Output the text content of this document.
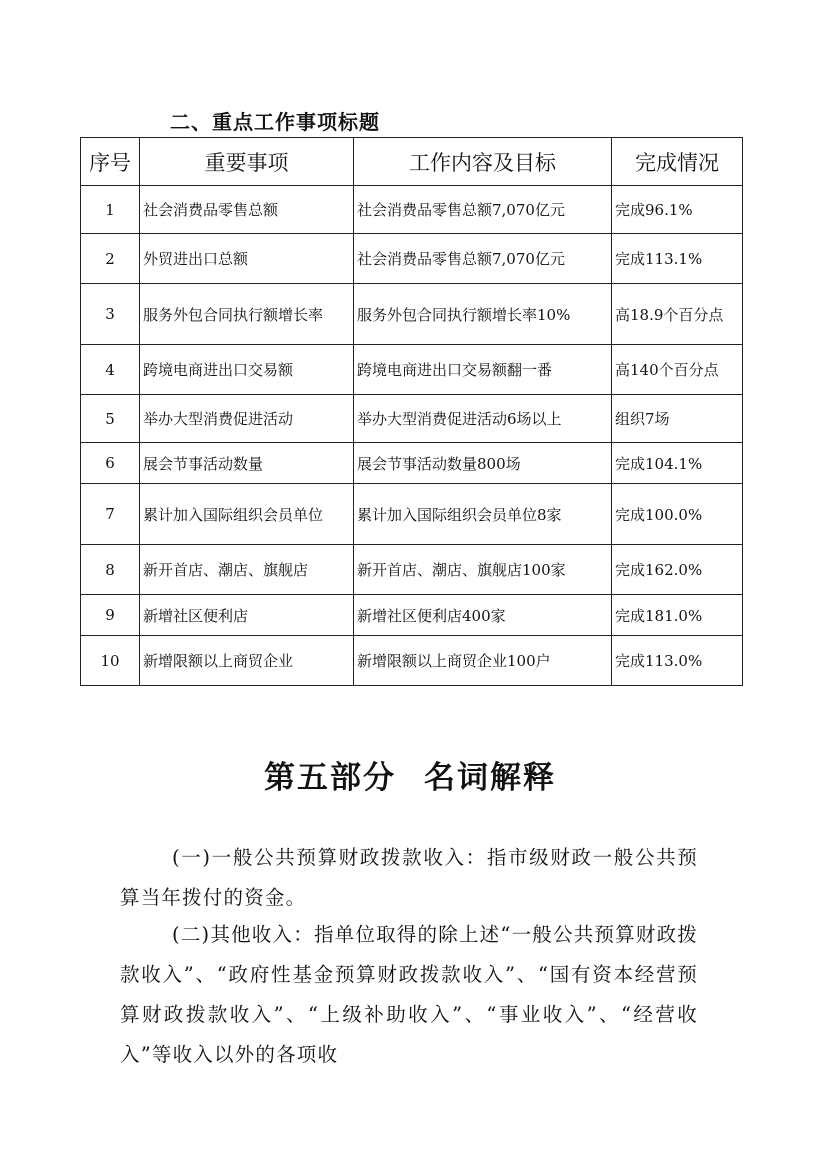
二、重点工作事项标题
序号	重要事项	工作内容及目标	完成情况
1	社会消费品零售总额	社会消费品零售总额7,070亿元	完成96.1%
2	外贸进出口总额	社会消费品零售总额7,070亿元	完成113.1%
3	服务外包合同执行额增长率	服务外包合同执行额增长率10%	高18.9个百分点
4	跨境电商进出口交易额	跨境电商进出口交易额翻一番	高140个百分点
5	举办大型消费促进活动	举办大型消费促进活动6场以上	组织7场
6	展会节事活动数量	展会节事活动数量800场	完成104.1%
7	累计加入国际组织会员单位	累计加入国际组织会员单位8家	完成100.0%
8	新开首店、潮店、旗舰店	新开首店、潮店、旗舰店100家	完成162.0%
9	新增社区便利店	新增社区便利店400家	完成181.0%
10	新增限额以上商贸企业	新增限额以上商贸企业100户	完成113.0%
第五部分 名词解释

(一)一般公共预算财政拨款收入：指市级财政一般公共预算当年拨付的资金。

(二)其他收入：指单位取得的除上述“一般公共预算财政拨款收入”、“政府性基金预算财政拨款收入”、“国有资本经营预算财政拨款收入”、“上级补助收入”、“事业收入”、“经营收入”等收入以外的各项收
